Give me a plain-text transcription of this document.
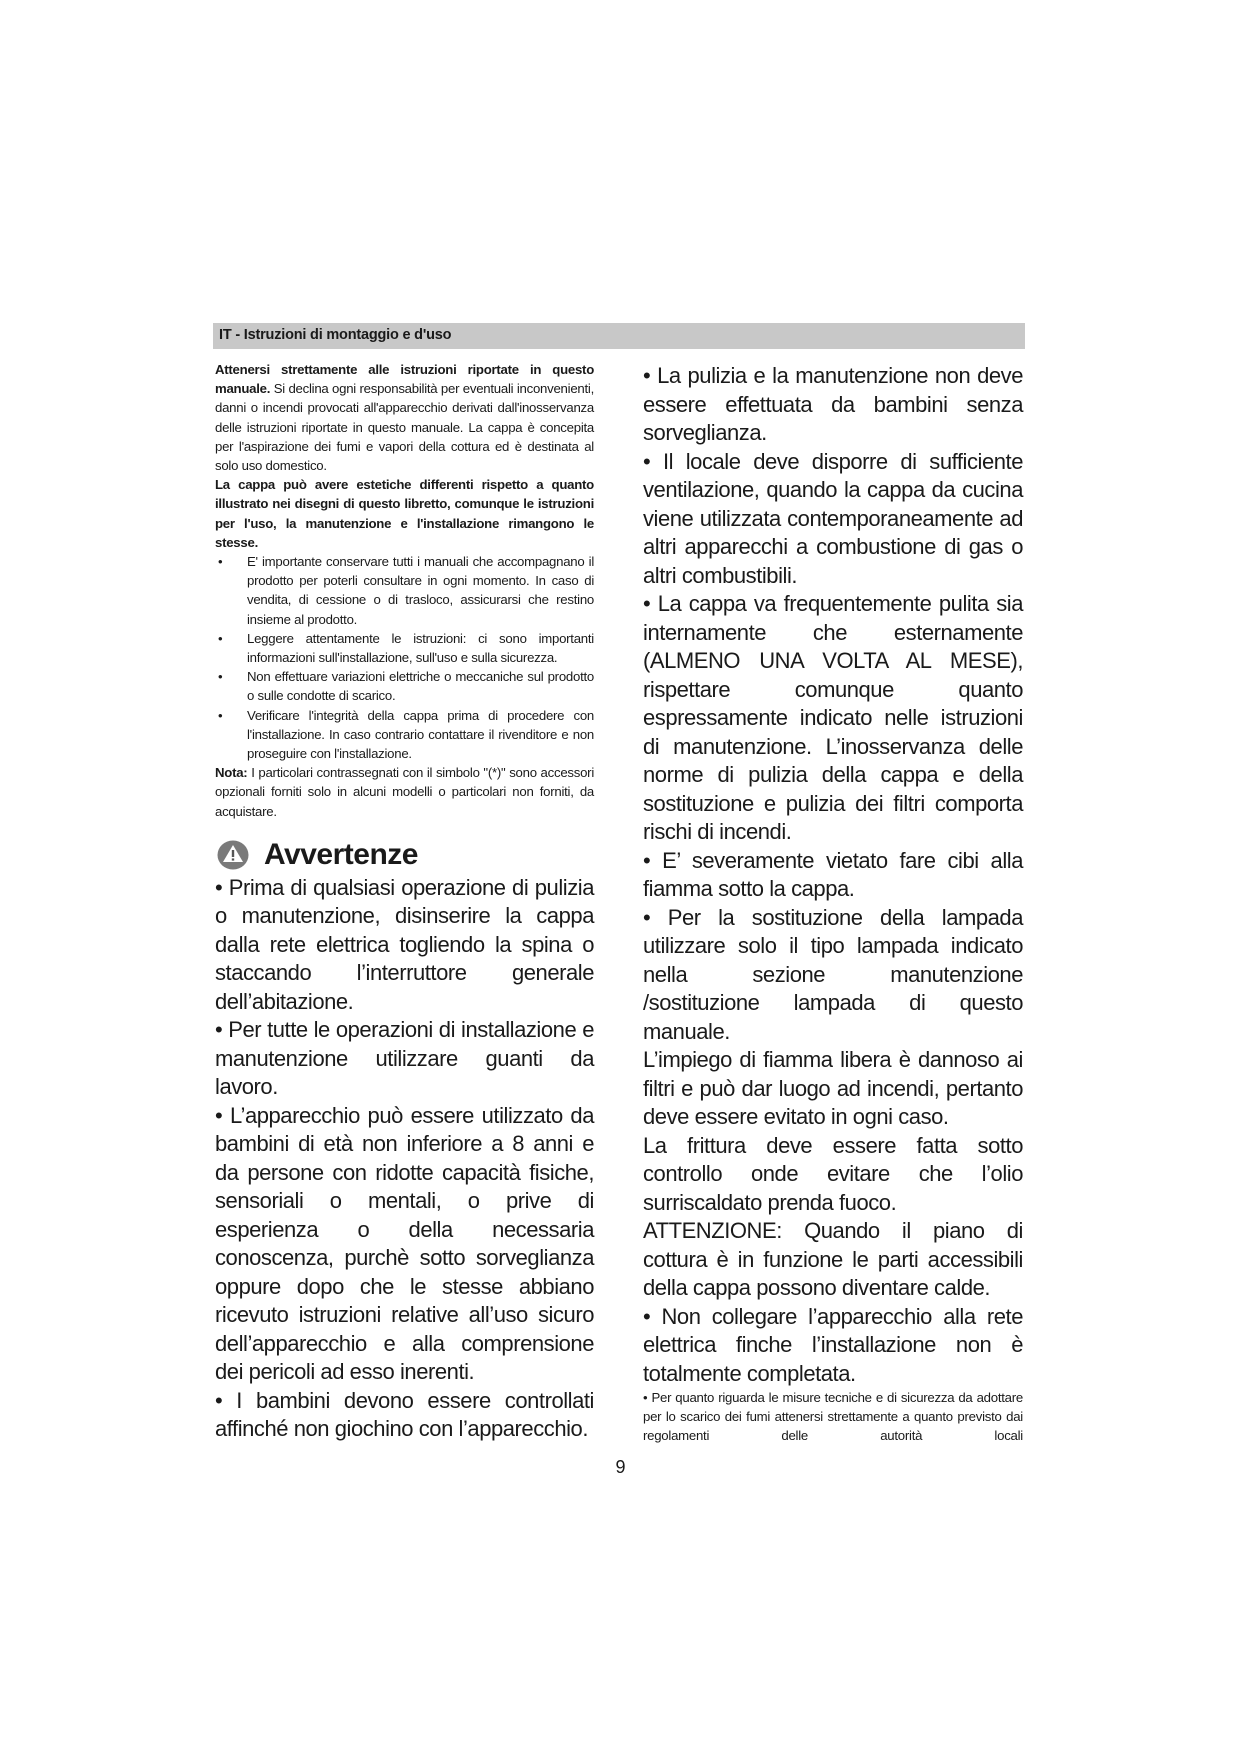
IT - Istruzioni di montaggio e d'uso

Attenersi strettamente alle istruzioni riportate in questo manuale. Si declina ogni responsabilità per eventuali inconvenienti, danni o incendi provocati all'apparecchio derivati dall'inosservanza delle istruzioni riportate in questo manuale. La cappa è concepita per l'aspirazione dei fumi e vapori della cottura ed è destinata al solo uso domestico.

La cappa può avere estetiche differenti rispetto a quanto illustrato nei disegni di questo libretto, comunque le istruzioni per l'uso, la manutenzione e l'installazione rimangono le stesse.

• E' importante conservare tutti i manuali che accompagnano il prodotto per poterli consultare in ogni momento. In caso di vendita, di cessione o di trasloco, assicurarsi che restino insieme al prodotto.
• Leggere attentamente le istruzioni: ci sono importanti informazioni sull'installazione, sull'uso e sulla sicurezza.
• Non effettuare variazioni elettriche o meccaniche sul prodotto o sulle condotte di scarico.
• Verificare l'integrità della cappa prima di procedere con l'installazione. In caso contrario contattare il rivenditore e non proseguire con l'installazione.

Nota: I particolari contrassegnati con il simbolo "(*)" sono accessori opzionali forniti solo in alcuni modelli o particolari non forniti, da acquistare.

Avvertenze

• Prima di qualsiasi operazione di pulizia o manutenzione, disinserire la cappa dalla rete elettrica togliendo la spina o staccando l’interruttore generale dell’abitazione.

• Per tutte le operazioni di installazione e manutenzione utilizzare guanti da lavoro.

• L’apparecchio può essere utilizzato da bambini di età non inferiore a 8 anni e da persone con ridotte capacità fisiche, sensoriali o mentali, o prive di esperienza o della necessaria conoscenza, purchè sotto sorveglianza oppure dopo che le stesse abbiano ricevuto istruzioni relative all’uso sicuro dell’apparecchio e alla comprensione dei pericoli ad esso inerenti.

• I bambini devono essere controllati affinché non giochino con l’apparecchio.

• La pulizia e la manutenzione non deve essere effettuata da bambini senza sorveglianza.

• Il locale deve disporre di sufficiente ventilazione, quando la cappa da cucina viene utilizzata contemporaneamente ad altri apparecchi a combustione di gas o altri combustibili.

• La cappa va frequentemente pulita sia internamente che esternamente (ALMENO UNA VOLTA AL MESE), rispettare comunque quanto espressamente indicato nelle istruzioni di manutenzione. L’inosservanza delle norme di pulizia della cappa e della sostituzione e pulizia dei filtri comporta rischi di incendi.

• E’ severamente vietato fare cibi alla fiamma sotto la cappa.

• Per la sostituzione della lampada utilizzare solo il tipo lampada indicato nella sezione manutenzione /sostituzione lampada di questo manuale.

L’impiego di fiamma libera è dannoso ai filtri e può dar luogo ad incendi, pertanto deve essere evitato in ogni caso.

La frittura deve essere fatta sotto controllo onde evitare che l’olio surriscaldato prenda fuoco.

ATTENZIONE: Quando il piano di cottura è in funzione le parti accessibili della cappa possono diventare calde.

• Non collegare l’apparecchio alla rete elettrica finche l’installazione non è totalmente completata.

• Per quanto riguarda le misure tecniche e di sicurezza da adottare per lo scarico dei fumi attenersi strettamente a quanto previsto dai regolamenti delle autorità locali

9
